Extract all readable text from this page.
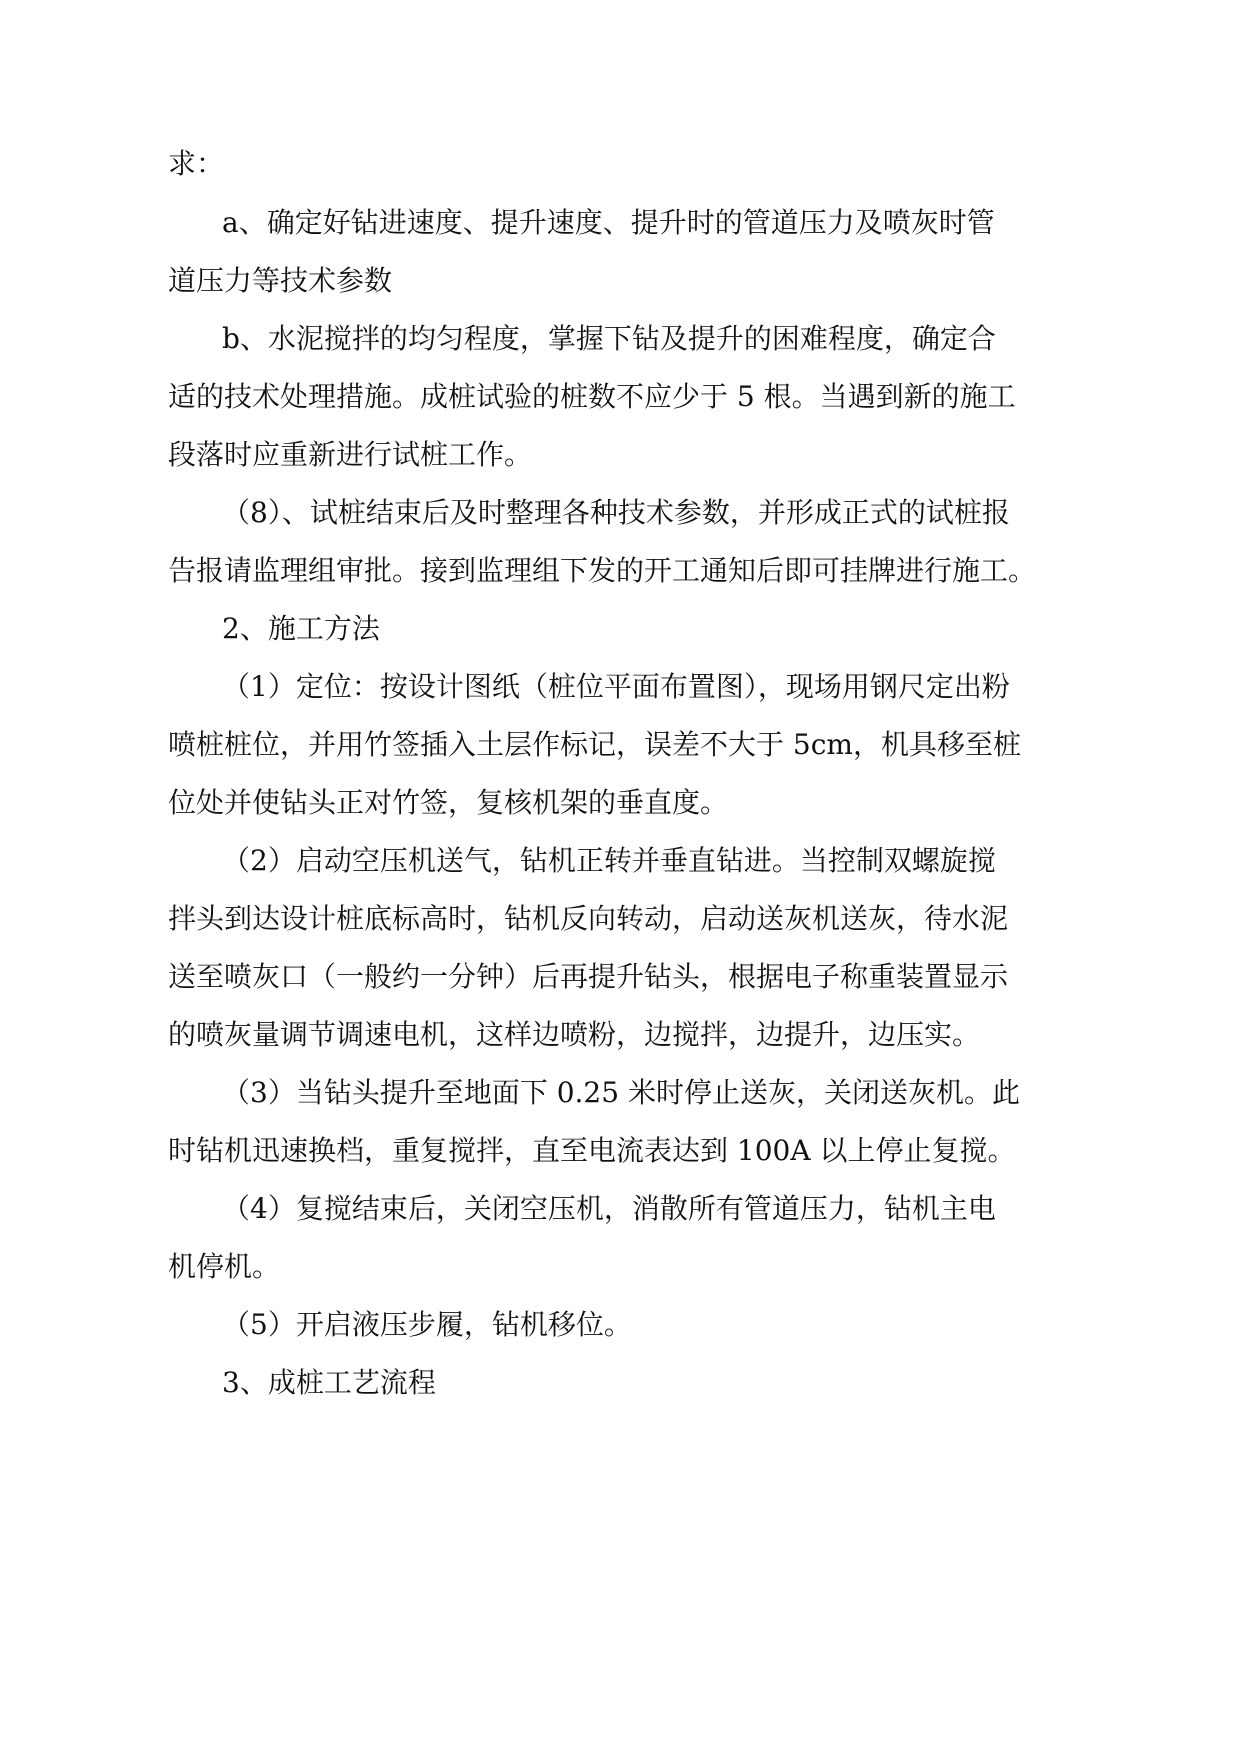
求：
a、确定好钻进速度、提升速度、提升时的管道压力及喷灰时管
道压力等技术参数
b、水泥搅拌的均匀程度，掌握下钻及提升的困难程度，确定合
适的技术处理措施。成桩试验的桩数不应少于 5 根。当遇到新的施工
段落时应重新进行试桩工作。
（8）、试桩结束后及时整理各种技术参数，并形成正式的试桩报
告报请监理组审批。接到监理组下发的开工通知后即可挂牌进行施工。
2、施工方法
（1）定位：按设计图纸（桩位平面布置图），现场用钢尺定出粉
喷桩桩位，并用竹签插入土层作标记，误差不大于 5cm，机具移至桩
位处并使钻头正对竹签，复核机架的垂直度。
（2）启动空压机送气，钻机正转并垂直钻进。当控制双螺旋搅
拌头到达设计桩底标高时，钻机反向转动，启动送灰机送灰，待水泥
送至喷灰口（一般约一分钟）后再提升钻头，根据电子称重装置显示
的喷灰量调节调速电机，这样边喷粉，边搅拌，边提升，边压实。
（3）当钻头提升至地面下 0.25 米时停止送灰，关闭送灰机。此
时钻机迅速换档，重复搅拌，直至电流表达到 100A 以上停止复搅。
（4）复搅结束后，关闭空压机，消散所有管道压力，钻机主电
机停机。
（5）开启液压步履，钻机移位。
3、成桩工艺流程
